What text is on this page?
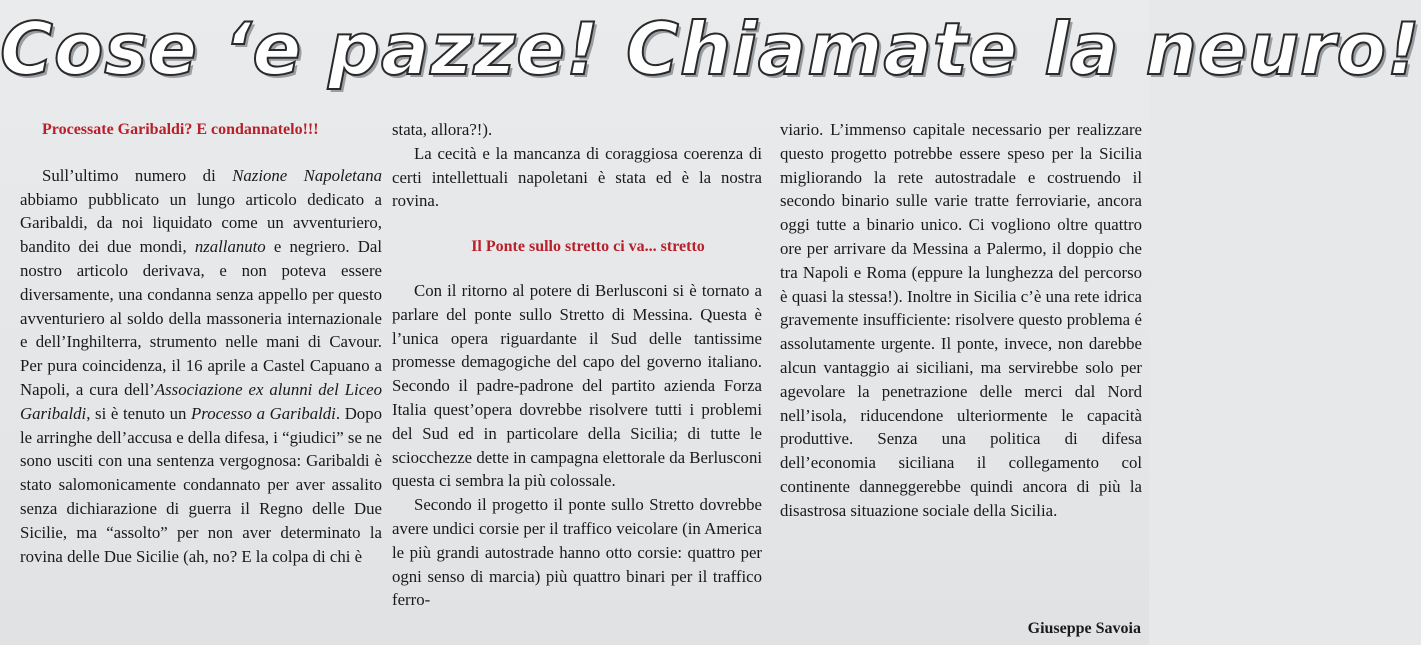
Cose ‘e pazze! Chiamate la neuro!

Processate Garibaldi? E condannatelo!!!

Sull’ultimo numero di Nazione Napoletana abbiamo pubblicato un lungo articolo dedicato a Garibaldi, da noi liquidato come un avventuriero, bandito dei due mondi, nzallanuto e negriero. Dal nostro articolo derivava, e non poteva essere diversamente, una condanna senza appello per questo avventuriero al soldo della massoneria internazionale e dell’Inghilterra, strumento nelle mani di Cavour. Per pura coincidenza, il 16 aprile a Castel Capuano a Napoli, a cura dell’Associazione ex alunni del Liceo Garibaldi, si è tenuto un Processo a Garibaldi. Dopo le arringhe dell’accusa e della difesa, i “giudici” se ne sono usciti con una sentenza vergognosa: Garibaldi è stato salomonicamente condannato per aver assalito senza dichiarazione di guerra il Regno delle Due Sicilie, ma “assolto” per non aver determinato la rovina delle Due Sicilie (ah, no? E la colpa di chi è

stata, allora?!).

La cecità e la mancanza di coraggiosa coerenza di certi intellettuali napoletani è stata ed è la nostra rovina.

Il Ponte sullo stretto ci va... stretto

Con il ritorno al potere di Berlusconi si è tornato a parlare del ponte sullo Stretto di Messina. Questa è l’unica opera riguardante il Sud delle tantissime promesse demagogiche del capo del governo italiano. Secondo il padre-padrone del partito azienda Forza Italia quest’opera dovrebbe risolvere tutti i problemi del Sud ed in particolare della Sicilia; di tutte le sciocchezze dette in campagna elettorale da Berlusconi questa ci sembra la più colossale.

Secondo il progetto il ponte sullo Stretto dovrebbe avere undici corsie per il traffico veicolare (in America le più grandi autostrade hanno otto corsie: quattro per ogni senso di marcia) più quattro binari per il traffico ferro-

viario. L’immenso capitale necessario per realizzare questo progetto potrebbe essere speso per la Sicilia migliorando la rete autostradale e costruendo il secondo binario sulle varie tratte ferroviarie, ancora oggi tutte a binario unico. Ci vogliono oltre quattro ore per arrivare da Messina a Palermo, il doppio che tra Napoli e Roma (eppure la lunghezza del percorso è quasi la stessa!). Inoltre in Sicilia c’è una rete idrica gravemente insufficiente: risolvere questo problema é assolutamente urgente. Il ponte, invece, non darebbe alcun vantaggio ai siciliani, ma servirebbe solo per agevolare la penetrazione delle merci dal Nord nell’isola, riducendone ulteriormente le capacità produttive. Senza una politica di difesa dell’economia siciliana il collegamento col continente danneggerebbe quindi ancora di più la disastrosa situazione sociale della Sicilia.

Giuseppe Savoia
